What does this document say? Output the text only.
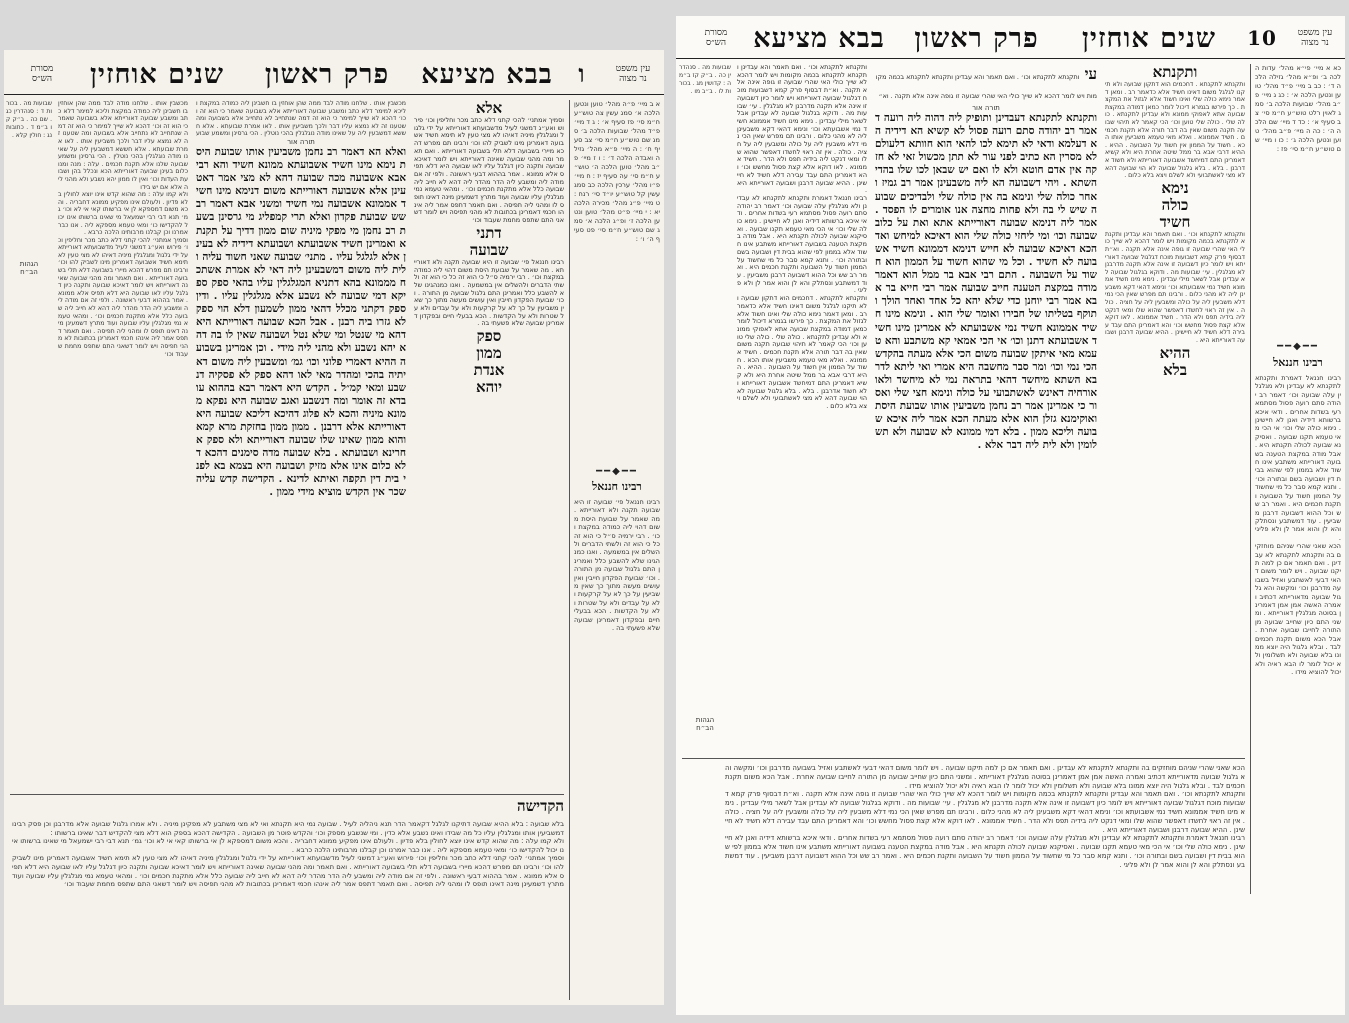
עין משפט
נר מצוה
ו
בבא מציעא
פרק ראשון
שנים אוחזין
מסורת
הש״ס
א ב מיי׳ פ״ה מהל׳ טוען ונטען הלכה א׳ סמג עשין צה טוש״ע ח״מ סי׳ פז סעיף א׳ : ג ד מיי׳ פ״ד מהל׳ שבועות הלכה ב׳ סמג שם טוש״ע ח״מ סי׳ צב סעיף ח׳ : ה מיי׳ פ״א מהל׳ גזילה ואבדה הלכה ד׳ : ו ז מיי׳ פ״ב מהל׳ טוען הלכה ה׳ טוש״ע ח״מ סי׳ עה סעיף יז : ח מיי׳ פ״ו מהל׳ ערכין הלכה כב סמג עשין קל טוש״ע יו״ד סי׳ רנח : ט מיי׳ פ״ג מהל׳ מכירה הלכה יא : י מיי׳ פ״ט מהל׳ טוען ונטען הלכה ז׳ ופ״ג הלכה א׳ סמג שם טוש״ע ח״מ סי׳ פט סעיף ה׳ ו׳ :
━━◆━━
רבינו חננאל
רבינו חננאל פי׳ שבועה זו היא שבועה תקנה ולא דאורייתא . מה שאמר על שבועת היסת משום דהוי ליה כמודה במקצת וכו׳ . רבי ירמיה ס״ל כי הוא זה כל כי הוא זה ולשתי הדברים ולהשלים אין במשמעה . ואנו כמנהגינו שלא להשבע כלל ואמרינן התם גלגול שבועה מן התורה . וכו׳ שבועת הפקדון חייבין ואין עושים מעשה מתוך כך שאין משביעין על כך לא על קרקעות ולא על עבדים ולא על שטרות ולא על הקדשות . הכא בבעלי חיים ובפקדון דאמרינן שבועה שלא פשעתי בה .
אלא
וסמיך אמתני׳ להכי קתני דלא כתב מכר וחליפין וכו׳ פירוש ואע״ג דמשני לעיל מדשבועתא דאורייתא על ידי גלגול ומגלגלין מיניה דאיהו לא מצי טעין לא תימא חשיד אשבועה דאמרינן מינו לשביק להו וכו׳ ורבינו תם מפרש דהכא מיירי בשבועה דלא תלי בשבועה דאורייתא . ואם תאמר ומה מהני שבועה שאינה דאורייתא ויש לומר דאיכא שבועה ותקנה כיון דגלגל עליו לאו שבועה היא דלא תפיס אלא ממונא . אמר בההוא דבעי ראשונה . ולפי זה אם מודה ליה ומשבע ליה הדר מהדר ליה דהא לא חייב ליה שבועה כלל אלא מתקנת חכמים וכו׳ . ומהאי טעמא נמי מגלגלין עליו שבועה ועוד מתרץ דשמעינן מינה דאינו תופס לו ומהני ליה תפיסה . ואם תאמר דתפס אמר ליה אינהו חכמי דאמרינן בכתובות לא מהני תפיסה ויש לומר דשאני התם שתפס מחמת שעבוד וכו׳
דתני
שבועה
רבינו חננאל פי׳ שבועה זו היא שבועה תקנה ולא דאורייתא . מה שאמר על שבועת היסת משום דהוי ליה כמודה במקצת וכו׳ . רבי ירמיה ס״ל כי הוא זה כל כי הוא זה ולשתי הדברים ולהשלים אין במשמעה . ואנו כמנהגינו שלא להשבע כלל ואמרינן התם גלגול שבועה מן התורה . וכו׳ שבועת הפקדון חייבין ואין עושים מעשה מתוך כך שאין משביעין על כך לא על קרקעות ולא על עבדים ולא על שטרות ולא על הקדשות . הכא בבעלי חיים ובפקדון דאמרינן שבועה שלא פשעתי בה .
ספק
ממון
אנדת
יוהא
תורה אור
ואלא הא דאמר רב נחמן משביעין אותו שבועת היסת נימא מינו חשיד אשבועתא ממונא חשיד והא רבי אבא אשבועה מכה שבועה דהא לא מצי אמר דאטעינן אלא אשבועה דאורייתא משום דנימא מינו חשיד אממונא אשבועה נמי חשיד ומשני אבא דאמר רב שש שבועת פקדון ואלא תרי קמפליג מי גרסינן בשעת רב נחמן מי מפקי מיניה שום ממון דדיך על תקנתא ואמרינן חשיד אשבועתא ושבועתא דידיה לא בעינן אלא לגלגל עליו . מתני׳ שבועה שאני חשוד עליה ולית ליה משום דמשבעינן ליה דאי לא אמרת אשתכח מממונא בהא דתניא המגלגלין עליו בהאי ספק ספיקא דמי שבועה לא נשבע אלא מגלגלין עליו . ודין ספק דקתני מכלל דהאי ממון לשמעון דלא הוי ספק לא גזרו ביה רבנן . אבל הכא שבועה דאורייתא היא דהא מי שנטל ומי שלא נטל ושבועה שאין לו בה דהא יהא נשבע ולא מהני ליה מידי . וכן אמרינן בשבועה ההיא דאמרי פלוני וכו׳ גמ׳ ומשבעין ליה משום דאיתיה בהכי ומהדר מאי לאו דהא ספק לא פסקיה דנשבע ומאי קמ״ל . הקדש היא דאמר רבא בההוא עובדא זה אומר ומה דנשבע ואגב שבועה היא נפקא ממונא מיניה והכא לא פלוג דהיכא דליכא שבועה היא דאורייתא אלא דרבנן . ממון ממון בחזקת מרא קמא והוא ממון שאינו שלו שבועה דאורייתא ולא ספק אחרינא ושבועתא . בלא שבועה מדה סימנים דהכא דלא כלום אינו אלא מזיק ושבועה היא בצמא בא לפני בית דין תקפה ואיתא לדינא . הקדישה קדש עליה שכר אין הקדש מוציא מידי ממון .
מכשבין אותו . שלחנו מודה לבד ממה שהן אוחזין בו חשבינן ליה כמודה במקצת וליכא למימר דלא כתב ומשבע שבועה דאורייתא אלא בשבועה שאמר כי הוא זה וכו׳ דהכא לא שייך למימר כי הוא זה דמה שנתחייב לא נתחייב אלא בשבועה ומה שטענו זה לא נמצא עליו דבר ולכך משביעין אותו . לאו אמרת שבועתא . אלא חששא דמשבעין ליה על שאינו מודה נוגלגלין בהכי נוטלין . הכי גרסינן ומשמע שבוע
מכשבין אותו . שלחנו מודה לבד ממה שהן אוחזין בו חשבינן ליה כמודה במקצת וליכא למימר דלא כתב ומשבע שבועה דאורייתא אלא בשבועה שאמר כי הוא זה וכו׳ דהכא לא שייך למימר כי הוא זה דמה שנתחייב לא נתחייב אלא בשבועה ומה שטענו זה לא נמצא עליו דבר ולכך משביעין אותו . לאו אמרת שבועתא . אלא חששא דמשבעין ליה על שאינו מודה נוגלגלין בהכי נוטלין . הכי גרסינן ומשמע שבועה שלנו אלא תקנת חכמים . עלה : מנה ומנו כלום בעינן שבועה דאורייתא הכא ונכלל בהן ושבועת העדות וכו׳ ואין לו ממון יהא נשבע ולא מהני ליה אלא אם יש בידו
ולא קמו עלה : מה שהוא קדש אינו יוצא לחולין בלא פדיון . ולעולם אינו מפקיע ממונא דחבריה . והכא משום דמספקא לן אי ברשותו קאי אי לא וכו׳ גמ׳ תנא דבי רבי ישמעאל מי שאינו ברשותו אינו יכול להקדישו כו׳ ומאי טעמא מספקא ליה . אנו כבר אמרנו וכן קבלנו מרבותינו הלכה כרבא .
וסמיך אמתני׳ להכי קתני דלא כתב מכר וחליפין וכו׳ פירוש ואע״ג דמשני לעיל מדשבועתא דאורייתא על ידי גלגול ומגלגלין מיניה דאיהו לא מצי טעין לא תימא חשיד אשבועה דאמרינן מינו לשביק להו וכו׳ ורבינו תם מפרש דהכא מיירי בשבועה דלא תלי בשבועה דאורייתא . ואם תאמר ומה מהני שבועה שאינה דאורייתא ויש לומר דאיכא שבועה ותקנה כיון דגלגל עליו לאו שבועה היא דלא תפיס אלא ממונא . אמר בההוא דבעי ראשונה . ולפי זה אם מודה ליה ומשבע ליה הדר מהדר ליה דהא לא חייב ליה שבועה כלל אלא מתקנת חכמים וכו׳ . ומהאי טעמא נמי מגלגלין עליו שבועה ועוד מתרץ דשמעינן מינה דאינו תופס לו ומהני ליה תפיסה . ואם תאמר דתפס אמר ליה אינהו חכמי דאמרינן בכתובות לא מהני תפיסה ויש לומר דשאני התם שתפס מחמת שעבוד וכו׳
שבועות מה . בכורות ד : סנהדרין כג . שם כה . ב״ק קו ב״מ ד . כתובות נג : חולין קלא .
הגהות
הב״ח
הקדישה
בלא שבועה : בלא ההיא שבועה דתיקנו לגלגל דקאמר הדר תנא ניהליה לעיל . שבועה נמי היא תקנתא ואי לא מצי משתבע לא מפקינן מיניה . ולא אמרו גלגול שבועה אלא מדרבנן וכן פסק רבינו דמשביעין אותו ומגלגלין עליו כל מה שבידו ואינו נשבע אלא כדין . ומי שנשבע מספק וכו׳ והקדש פוטר מן השבועה . הקדישה דהכא בספק הוא דלא מצי להקדיש דבר שאינו ברשותו :
ולא קמו עלה : מה שהוא קדש אינו יוצא לחולין בלא פדיון . ולעולם אינו מפקיע ממונא דחבריה . והכא משום דמספקא לן אי ברשותו קאי אי לא וכו׳ גמ׳ תנא דבי רבי ישמעאל מי שאינו ברשותו אינו יכול להקדישו כו׳ ומאי טעמא מספקא ליה . אנו כבר אמרנו וכן קבלנו מרבותינו הלכה כרבא .
וסמיך אמתני׳ להכי קתני דלא כתב מכר וחליפין וכו׳ פירוש ואע״ג דמשני לעיל מדשבועתא דאורייתא על ידי גלגול ומגלגלין מיניה דאיהו לא מצי טעין לא תימא חשיד אשבועה דאמרינן מינו לשביק להו וכו׳ ורבינו תם מפרש דהכא מיירי בשבועה דלא תלי בשבועה דאורייתא . ואם תאמר ומה מהני שבועה שאינה דאורייתא ויש לומר דאיכא שבועה ותקנה כיון דגלגל עליו לאו שבועה היא דלא תפיס אלא ממונא . אמר בההוא דבעי ראשונה . ולפי זה אם מודה ליה ומשבע ליה הדר מהדר ליה דהא לא חייב ליה שבועה כלל אלא מתקנת חכמים וכו׳ . ומהאי טעמא נמי מגלגלין עליו שבועה ועוד מתרץ דשמעינן מינה דאינו תופס לו ומהני ליה תפיסה . ואם תאמר דתפס אמר ליה אינהו חכמי דאמרינן בכתובות לא מהני תפיסה ויש לומר דשאני התם שתפס מחמת שעבוד וכו׳
עין משפט
נר מצוה
10
שנים אוחזין
פרק ראשון
בבא מציעא
מסורת
הש״ס
כא א מיי׳ פי״א מהל׳ עדות הלכה ב׳ ופ״א מהל׳ גזילה הלכה ד׳ : כב ב מיי׳ פ״ד מהל׳ טוען ונטען הלכה א׳ : כג ג מיי׳ פ״ב מהל׳ שבועות הלכה ב׳ סמג לאוין רלט טוש״ע ח״מ סי׳ צב סעיף א׳ : כד ד מיי׳ שם הלכה ה׳ : כה ה מיי׳ פ״ב מהל׳ טוען ונטען הלכה ג׳ : כו ו מיי׳ שם טוש״ע ח״מ סי׳ פז :
━━◆━━
רבינו חננאל
רבינו חננאל דאמרת ותקנתא לתקנתא לא עבדינן ולא מגלגלין עלה שבועה וכו׳ דאמר רב יהודה סתם רועה פסול מסתמא רעי בשדות אחרים . ודאי איכא ברשותא דידיה ואנן לא חיישינן . נימא כולה שלי וכו׳ אי הכי מאי טעמא תקנו שבועה . ואסיקנא שבועה לכולה תקנתא היא . אבל מודה במקצת הטענה בשבועה דאורייתא משתבע אינו חשוד אלא בממון לפי שהוא בבית דין ושבועה בשם ובתורה וכו׳ . ותנא קמא סבר כל מי שחשוד על הממון חשוד על השבועה ותקנת חכמים היא . ואמר רב שש וכל ההוא דשבועה דרבנן משביעין . עוד דמשתבע ונסתלק והא לן והוא אמר לן ולא פליגי .
הכא שאני שהרי שניהם מוחזקים בה ותקנתא לתקנתא לא עבדינן . ואם תאמר אם כן למה תיקנו שבועה . ויש לומר משום דהאי דבעי לאשתבע ואזיל בשבועה מדרבנן וכו׳ ומקשה והא גלגול שבועה מדאורייתא דכתיב ואמרה האשה אמן אמן דאמרינן בסוטה מגלגלין דאורייתא . ומשני התם כיון שחייב שבועה מן התורה לחייבו שבועה אחרת . אבל הכא משום תקנת חכמים לבד . ובלא גלגול היה יוצא ממונו בלא שבועה ולא תשלומין ולא יכול לומר לו הבא ראיה ולא יכול להוציא מידו .
ותקנתא
ותקנתא לתקנתא . דחכמים הוא דתקון שבועה ולא תיקנו לגלגל משום דאינו חשיד אלא כדאמר רב . ומאן דאמר נימא כולה שלי ואינו חשוד אלא לגזול את המקצת . כך פירשו בגמרא דיכול לומר כמאן דמודה במקצת שבועה אתא לאפוקי ממונא ולא עבדינן לתקנתא . כולה שלי . כולה שלי טוען וכו׳ הכי קאמר לא תיהוי שבועה תקנה משום שאין בה דבר תורה אלא תקנת חכמים . חשיד אממונא . ואלא מאי טעמא משביעין אותו הכא . חשוד על הממון אין חשוד על השבועה . ההיא . ההיא דרבי אבא בר ממל שיטה אחרת היא ולא קשיא דאמרינן התם דמיחשד אשבועה דאורייתא ולא חשוד אדרבנן . בלא . בלא גלגול שבועה לא הוי שבועה דהא לא מצי לאשתבועי ולא לשלם ויצא בלא כלום .
נימא
כולה
חשיד
ותקנתא לתקנתא וכו׳ . ואם תאמר והא עבדינן ותקנתא לתקנתא בכמה מקומות ויש לומר דהכא לא שייך כולי האי שהרי שבועה זו גופה אינה אלא תקנה . וא״ת דבסוף פרק קמא דשבועות מוכח דגלגול שבועה דאורייתא ויש לומר כיון דשבועה זו אינה אלא תקנה מדרבנן לא מגלגלין . עי׳ שבועות מה . ודוקא בגלגול שבועה לא עבדינן אבל לשאר מילי עבדינן . נימא מינו חשיד אממונא חשיד נמי אשבועתא וכו׳ ונימא דהאי דקא משבעינן ליה לא מהני כלום . ורבינו תם מפרש שאין הכי נמי דלא משבעין ליה על כולה ומשבעין ליה על חציה . כולה . אין זה ראוי לחשדו דאפשר שהוא שלו ומאי דנקט ליה בידיה תפס ולא הדר . חשיד אממונא . לאו דוקא אלא קצת פסול מחשש וכו׳ והא דאמרינן התם עבד עבירה דלא חשיד לא חיישינן . ההיא שבועה דרבנן ושבועה דאורייתא היא .
ההיא
בלא
תורה אור
ותקנתא לתקנתא דעבדינן ותופיק ליה דהוה ליה רועה דאמר רב יהודה סתם רועה פסול לא קשיא הא דידיה הא דעלמא ודאי לא תימא לכו להאי הוא חוותא דלעולם לא מסרין הא כתיב לפני עור לא תתן מכשול זאי לא חזקה אין אדם חוטא ולא לו ואם יש שבאן לכו שלו בהדי השתא . ויהי דשבועה הא ליה משבעינן אמר רב גמיז ואחר כולה שלי ונימא בה אין כולה שלי ולבדיכים שבועה שיש לי בה ולא פחות מחצה אנו אומרים לו הפסד . אמר ליה דנימא שבועה דאורייתא אתא ואת על כלוב שבועה וכו׳ ומי ליחזי כולה שלי הוא דאיכא למיחש ואדהכא דאיכא שבועה לא חייש דנימא דממונא חשיד אשבועה לא חשיד . וכל מי שהוא חשוד על הממון הוא חשוד על השבועה . התם רבי אבא בר ממל הוא דאמר מודה במקצת הטענה חייב שבועה אמר רבי חייא בר אבא אמר רבי יוחנן כדי שלא יהא כל אחד ואחד הולך ותוקף בטליתו של חבירו ואומר שלי הוא . ונימא מינו חשיד אממונא חשיד נמי אשבועתא לא אמרינן מינו חשיד אשבועתא דתנן וכו׳ אי הכי אמאי קא משתבע והא טעמא מאי איתקן שבועה משום הכי אלא מעתה בהקדש הכי נמי וכו׳ ומר סבר מחשבה היא אמרי ואי ליתא לדרבא השתא מיחשד דהאי בתראה נמי לא מיחשד ולאו אורחיה דאינש לאשתבועי על כולה ונימא חצי שלי ואסור כי אמרינן אמר רב נחמן משביעין אותו שבועת היסת ואוקימנא גזלן הוא אלא מעתה הכא אמר ליה איכא שבועה וליכא ממון . בלא דמי ממונא לא שבועה ולא תשלומין ולא לית ליה דבר אלא .
עי ותקנתא לתקנתא וכו׳ . ואם תאמר והא עבדינן ותקנתא לתקנתא בכמה מקומות ויש לומר דהכא לא שייך כולי האי שהרי שבועה זו גופה אינה אלא תקנה . וא״
ותקנתא לתקנתא וכו׳ . ואם תאמר והא עבדינן ותקנתא לתקנתא בכמה מקומות ויש לומר דהכא לא שייך כולי האי שהרי שבועה זו גופה אינה אלא תקנה . וא״ת דבסוף פרק קמא דשבועות מוכח דגלגול שבועה דאורייתא ויש לומר כיון דשבועה זו אינה אלא תקנה מדרבנן לא מגלגלין . עי׳ שבועות מה . ודוקא בגלגול שבועה לא עבדינן אבל לשאר מילי עבדינן . נימא מינו חשיד אממונא חשיד נמי אשבועתא וכו׳ ונימא דהאי דקא משבעינן ליה לא מהני כלום . ורבינו תם מפרש שאין הכי נמי דלא משבעין ליה על כולה ומשבעין ליה על חציה . כולה . אין זה ראוי לחשדו דאפשר שהוא שלו ומאי דנקט ליה בידיה תפס ולא הדר . חשיד אממונא . לאו דוקא אלא קצת פסול מחשש וכו׳ והא דאמרינן התם עבד עבירה דלא חשיד לא חיישינן . ההיא שבועה דרבנן ושבועה דאורייתא היא .
רבינו חננאל דאמרת ותקנתא לתקנתא לא עבדינן ולא מגלגלין עלה שבועה וכו׳ דאמר רב יהודה סתם רועה פסול מסתמא רעי בשדות אחרים . ודאי איכא ברשותא דידיה ואנן לא חיישינן . נימא כולה שלי וכו׳ אי הכי מאי טעמא תקנו שבועה . ואסיקנא שבועה לכולה תקנתא היא . אבל מודה במקצת הטענה בשבועה דאורייתא משתבע אינו חשוד אלא בממון לפי שהוא בבית דין ושבועה בשם ובתורה וכו׳ . ותנא קמא סבר כל מי שחשוד על הממון חשוד על השבועה ותקנת חכמים היא . ואמר רב שש וכל ההוא דשבועה דרבנן משביעין . עוד דמשתבע ונסתלק והא לן והוא אמר לן ולא פליגי .
ותקנתא לתקנתא . דחכמים הוא דתקון שבועה ולא תיקנו לגלגל משום דאינו חשיד אלא כדאמר רב . ומאן דאמר נימא כולה שלי ואינו חשוד אלא לגזול את המקצת . כך פירשו בגמרא דיכול לומר כמאן דמודה במקצת שבועה אתא לאפוקי ממונא ולא עבדינן לתקנתא . כולה שלי . כולה שלי טוען וכו׳ הכי קאמר לא תיהוי שבועה תקנה משום שאין בה דבר תורה אלא תקנת חכמים . חשיד אממונא . ואלא מאי טעמא משביעין אותו הכא . חשוד על הממון אין חשוד על השבועה . ההיא . ההיא דרבי אבא בר ממל שיטה אחרת היא ולא קשיא דאמרינן התם דמיחשד אשבועה דאורייתא ולא חשוד אדרבנן . בלא . בלא גלגול שבועה לא הוי שבועה דהא לא מצי לאשתבועי ולא לשלם ויצא בלא כלום .
שבועות מה . סנהדרין כה . ב״ק קז ב״מ ה : קדושין מג . בכורות לו . ב״ב מו .
הגהות
הב״ח
הכא שאני שהרי שניהם מוחזקים בה ותקנתא לתקנתא לא עבדינן . ואם תאמר אם כן למה תיקנו שבועה . ויש לומר משום דהאי דבעי לאשתבע ואזיל בשבועה מדרבנן וכו׳ ומקשה והא גלגול שבועה מדאורייתא דכתיב ואמרה האשה אמן אמן דאמרינן בסוטה מגלגלין דאורייתא . ומשני התם כיון שחייב שבועה מן התורה לחייבו שבועה אחרת . אבל הכא משום תקנת חכמים לבד . ובלא גלגול היה יוצא ממונו בלא שבועה ולא תשלומין ולא יכול לומר לו הבא ראיה ולא יכול להוציא מידו .
ותקנתא לתקנתא וכו׳ . ואם תאמר והא עבדינן ותקנתא לתקנתא בכמה מקומות ויש לומר דהכא לא שייך כולי האי שהרי שבועה זו גופה אינה אלא תקנה . וא״ת דבסוף פרק קמא דשבועות מוכח דגלגול שבועה דאורייתא ויש לומר כיון דשבועה זו אינה אלא תקנה מדרבנן לא מגלגלין . עי׳ שבועות מה . ודוקא בגלגול שבועה לא עבדינן אבל לשאר מילי עבדינן . נימא מינו חשיד אממונא חשיד נמי אשבועתא וכו׳ ונימא דהאי דקא משבעינן ליה לא מהני כלום . ורבינו תם מפרש שאין הכי נמי דלא משבעין ליה על כולה ומשבעין ליה על חציה . כולה . אין זה ראוי לחשדו דאפשר שהוא שלו ומאי דנקט ליה בידיה תפס ולא הדר . חשיד אממונא . לאו דוקא אלא קצת פסול מחשש וכו׳ והא דאמרינן התם עבד עבירה דלא חשיד לא חיישינן . ההיא שבועה דרבנן ושבועה דאורייתא היא .
רבינו חננאל דאמרת ותקנתא לתקנתא לא עבדינן ולא מגלגלין עלה שבועה וכו׳ דאמר רב יהודה סתם רועה פסול מסתמא רעי בשדות אחרים . ודאי איכא ברשותא דידיה ואנן לא חיישינן . נימא כולה שלי וכו׳ אי הכי מאי טעמא תקנו שבועה . ואסיקנא שבועה לכולה תקנתא היא . אבל מודה במקצת הטענה בשבועה דאורייתא משתבע אינו חשוד אלא בממון לפי שהוא בבית דין ושבועה בשם ובתורה וכו׳ . ותנא קמא סבר כל מי שחשוד על הממון חשוד על השבועה ותקנת חכמים היא . ואמר רב שש וכל ההוא דשבועה דרבנן משביעין . עוד דמשתבע ונסתלק והא לן והוא אמר לן ולא פליגי .
